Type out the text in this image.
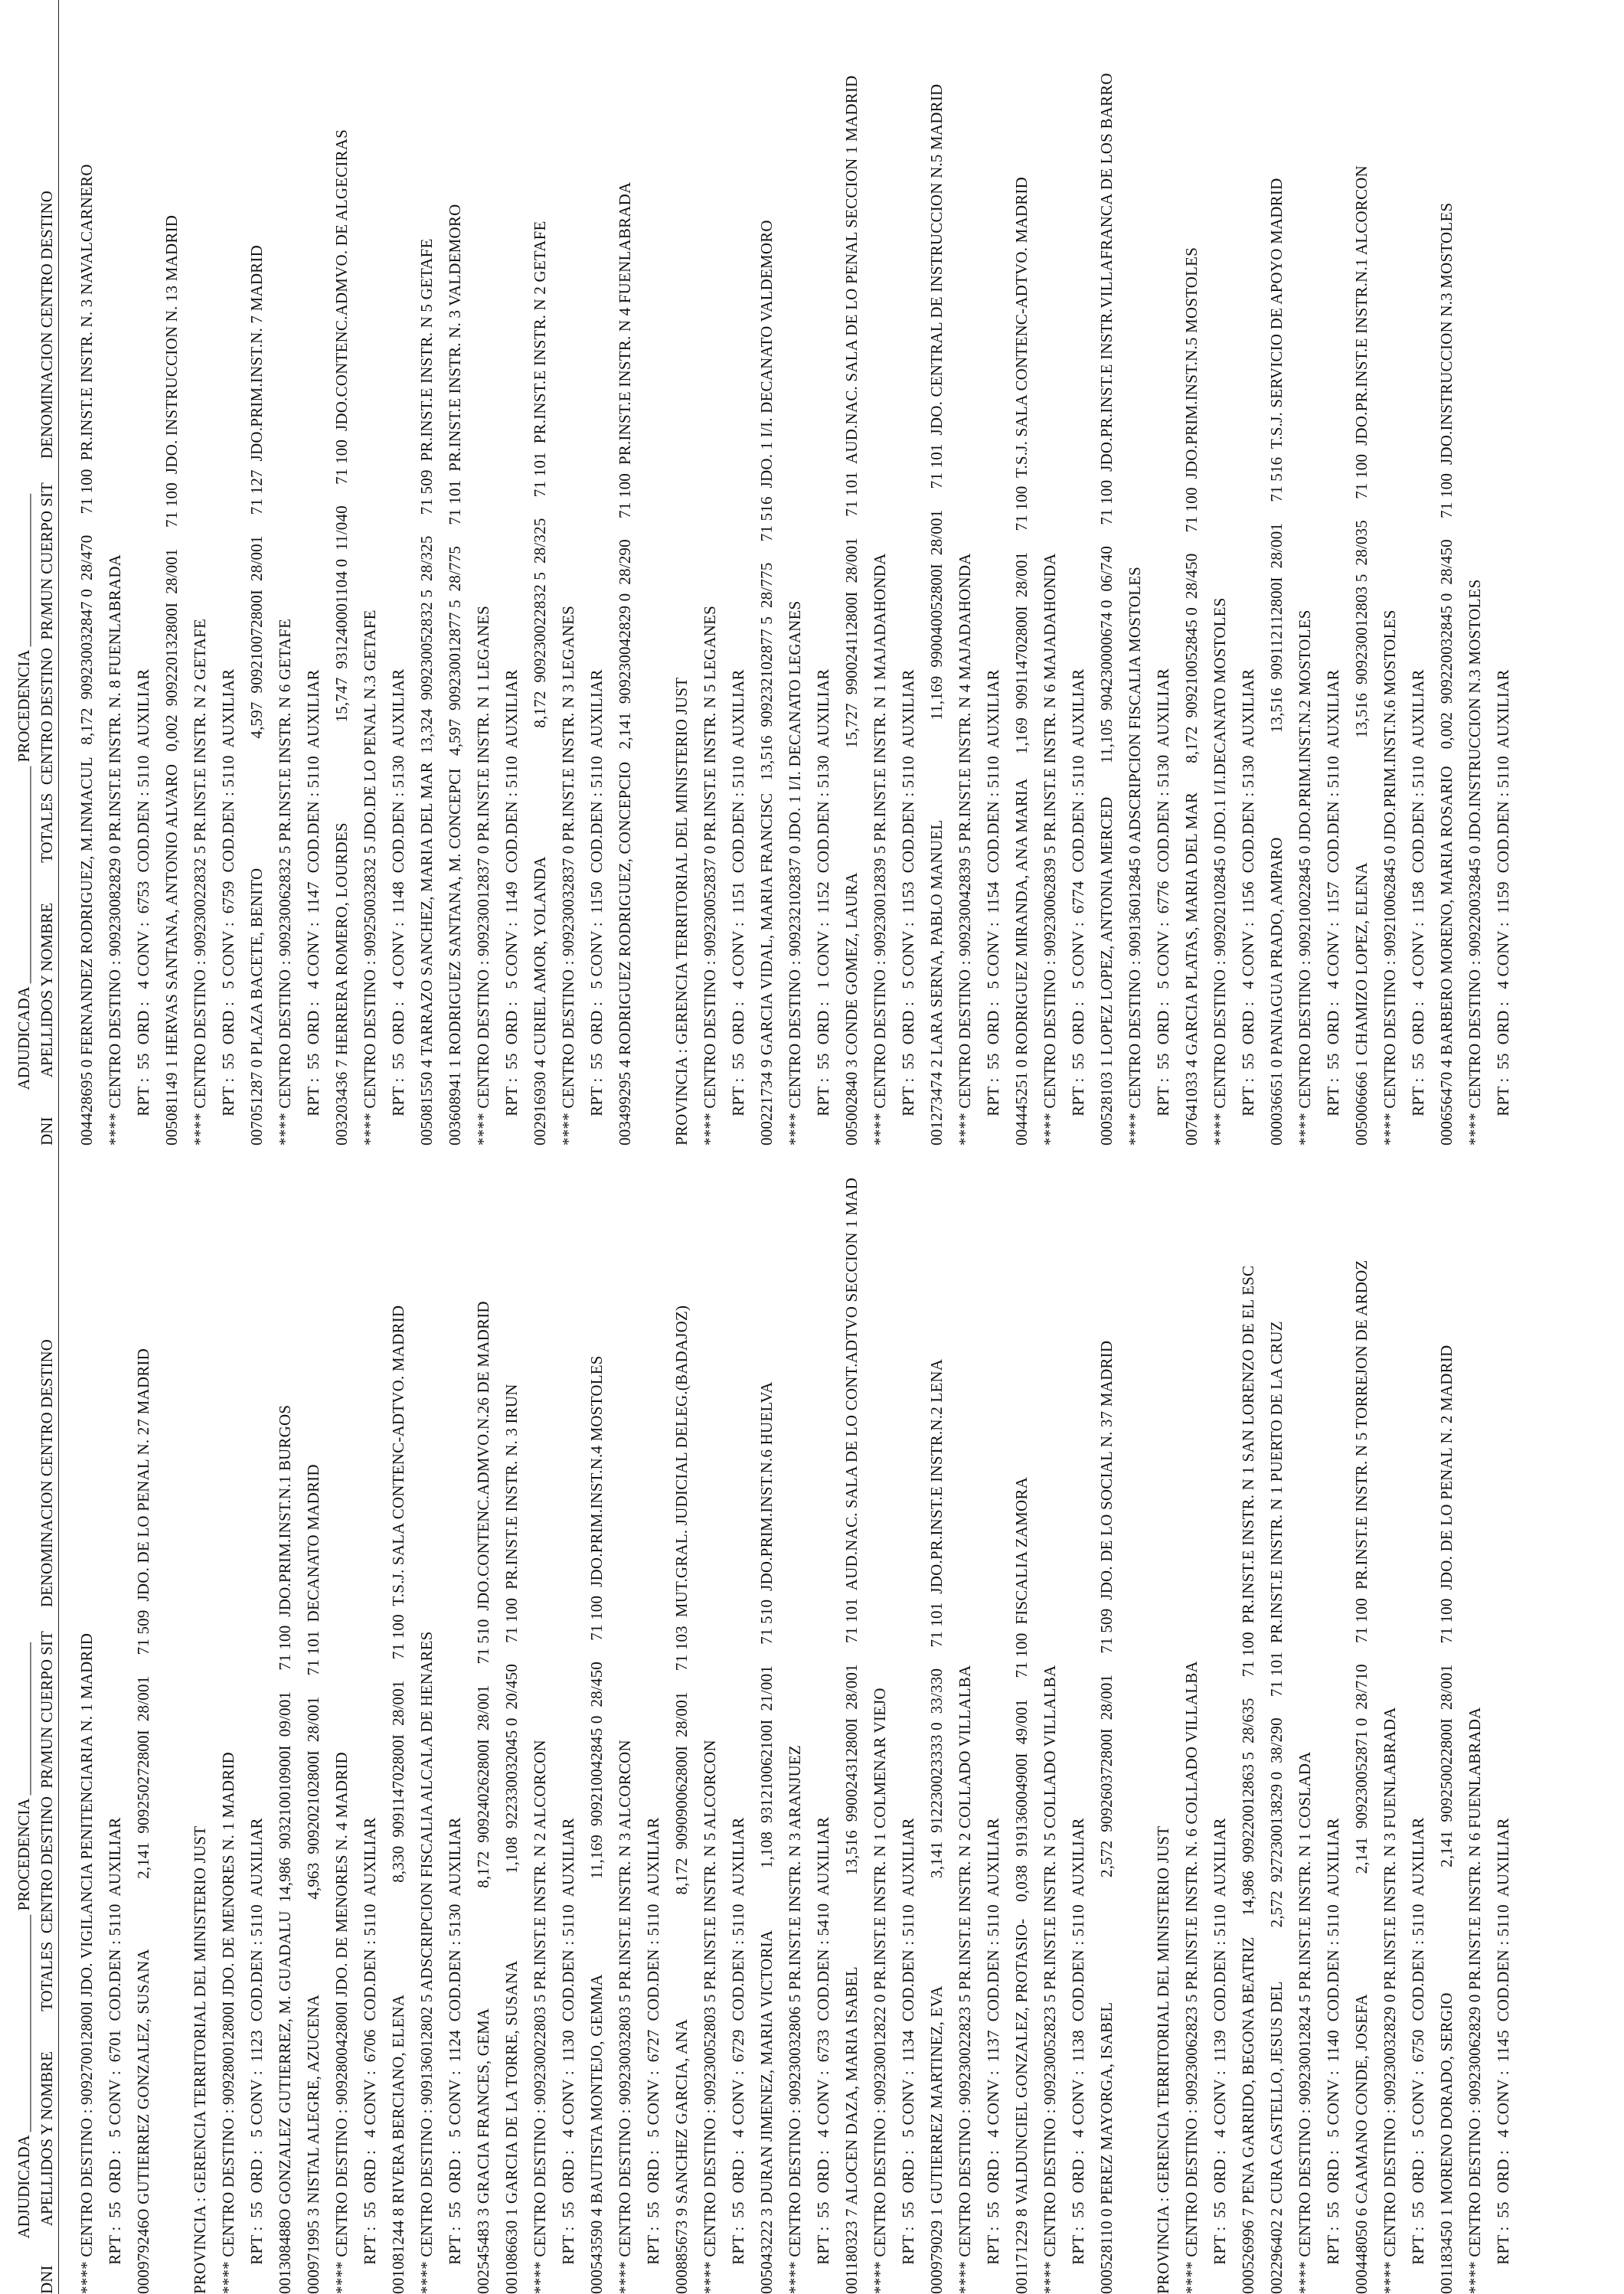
ADJUDICADA ___________________________ PROCEDENCIA ___________________ DNI          APELLIDOS Y NOMBRE          TOTALES  CENTRO DESTINO  PR/MUN CUERPO SIT      DENOMINACION CENTRO DESTINO **** CENTRO DESTINO : 909270012800I JDO. VIGILANCIA PENITENCIARIA N. 1 MADRID RPT :  55  ORD :   5 CONV :  6701  COD.DEN : 5110  AUXILIAR 000979246O GUTIERREZ GONZALEZ, SUSANA                 2,141  909250272800I  28/001     71 509  JDO. DE LO PENAL N. 27 MADRID PROVINCIA : GERENCIA TERRITORIAL DEL MINISTERIO JUST **** CENTRO DESTINO : 909280012800I JDO. DE MENORES N. 1 MADRID RPT :  55  ORD :   5 CONV :  1123  COD.DEN : 5110  AUXILIAR 001308488O GONZALEZ GUTIERREZ, M. GUADALU  14,986  903210010900I  09/001     71 100  JDO.PRIM.INST.N.1 BURGOS 000971995 3 NISTAL ALEGRE, AZUCENA                       4,963  909202102800I  28/001     71 101  DECANATO MADRID **** CENTRO DESTINO : 909280042800I JDO. DE MENORES N. 4 MADRID RPT :  55  ORD :   4 CONV :  6706  COD.DEN : 5110  AUXILIAR 001081244 8 RIVERA BERCIANO, ELENA                           8,330  909114702800I  28/001     71 100  T.S.J. SALA CONTENC-ADTVO. MADRID **** CENTRO DESTINO : 909136012802 5 ADSCRIPCION FISCALIA ALCALA DE HENARES RPT :  55  ORD :   5 CONV :  1124  COD.DEN : 5130  AUXILIAR 002545483 3 GRACIA FRANCES, GEMA                             8,172  909240262800I  28/001     71 510  JDO.CONTENC.ADMVO.N.26 DE MADRID 001086630 1 GARCIA DE LA TORRE, SUSANA                     1,108  922330032045 0  20/450     71 100  PR.INST.E INSTR. N. 3 IRUN **** CENTRO DESTINO : 909230022803 5 PR.INST.E INSTR. N 2 ALCORCON RPT :  55  ORD :   4 CONV :  1130  COD.DEN : 5110  AUXILIAR 000543590 4 BAUTISTA MONTEJO, GEMMA                       11,169  909210042845 0  28/450     71 100  JDO.PRIM.INST.N.4 MOSTOLES **** CENTRO DESTINO : 909230032803 5 PR.INST.E INSTR. N 3 ALCORCON RPT :  55  ORD :   5 CONV :  6727  COD.DEN : 5110  AUXILIAR 000885673 9 SANCHEZ GARCIA, ANA                              8,172  909090062800I  28/001     71 103  MUT.GRAL. JUDICIAL DELEG.(BADAJOZ) **** CENTRO DESTINO : 909230052803 5 PR.INST.E INSTR. N 5 ALCORCON RPT :  55  ORD :   4 CONV :  6729  COD.DEN : 5110  AUXILIAR 005043222 3 DURAN JIMENEZ, MARIA VICTORIA               1,108  931210062100I  21/001     71 510  JDO.PRIM.INST.N.6 HUELVA **** CENTRO DESTINO : 909230032806 5 PR.INST.E INSTR. N 3 ARANJUEZ RPT :  55  ORD :   4 CONV :  6733  COD.DEN : 5410  AUXILIAR 001180323 7 ALOCEN DAZA, MARIA ISABEL                      13,516  990024312800I  28/001     71 101  AUD.NAC. SALA DE LO CONT.ADTVO SECCION 1 MAD **** CENTRO DESTINO : 909230012822 0 PR.INST.E INSTR. N 1 COLMENAR VIEJO RPT :  55  ORD :   5 CONV :  1134  COD.DEN : 5110  AUXILIAR 000979029 1 GUTIERREZ MARTINEZ, EVA                          3,141  912230023333 0  33/330     71 101  JDO.PR.INST.E INSTR.N.2 LENA **** CENTRO DESTINO : 909230022823 5 PR.INST.E INSTR. N 2 COLLADO VILLALBA RPT :  55  ORD :   4 CONV :  1137  COD.DEN : 5110  AUXILIAR 001171229 8 VALDUNCIEL GONZALEZ, PROTASIO-    0,038  919136004900I  49/001     71 100  FISCALIA ZAMORA **** CENTRO DESTINO : 909230052823 5 PR.INST.E INSTR. N 5 COLLADO VILLALBA RPT :  55  ORD :   4 CONV :  1138  COD.DEN : 5110  AUXILIAR 000528110 0 PEREZ MAYORGA, ISABEL                              2,572  909260372800I  28/001     71 509  JDO. DE LO SOCIAL N. 37 MADRID PROVINCIA : GERENCIA TERRITORIAL DEL MINISTERIO JUST **** CENTRO DESTINO : 909230062823 5 PR.INST.E INSTR. N. 6 COLLADO VILLALBA RPT :  55  ORD :   4 CONV :  1139  COD.DEN : 5110  AUXILIAR 000526996 7 PENA GARRIDO, BEGONA BEATRIZ     14,986  909220012863 5  28/635     71 100  PR.INST.E INSTR. N 1 SAN LORENZO DE EL ESC 002296402 2 CURA CASTELLO, JESUS DEL             2,572  927230013829 0  38/290     71 101  PR.INST.E INSTR. N 1 PUERTO DE LA CRUZ **** CENTRO DESTINO : 909230012824 5 PR.INST.E INSTR. N 1 COSLADA RPT :  55  ORD :   5 CONV :  1140  COD.DEN : 5110  AUXILIAR 000448050 6 CAAMANO CONDE, JOSEFA                             2,141  909230052871 0  28/710     71 100  PR.INST.E INSTR. N 5 TORREJON DE ARDOZ **** CENTRO DESTINO : 909230032829 0 PR.INST.E INSTR. N 3 FUENLABRADA RPT :  55  ORD :   5 CONV :  6750  COD.DEN : 5110  AUXILIAR 001183450 1 MORENO DORADO, SERGIO                              2,141  909250022800I  28/001     71 100  JDO. DE LO PENAL N. 2 MADRID **** CENTRO DESTINO : 909230062829 0 PR.INST.E INSTR. N 6 FUENLABRADA RPT :  55  ORD :   4 CONV :  1145  COD.DEN : 5110  AUXILIAR
ADJUDICADA ___________________________ PROCEDENCIA ___________________ DNI          APELLIDOS Y NOMBRE          TOTALES  CENTRO DESTINO  PR/MUN CUERPO SIT      DENOMINACION CENTRO DESTINO 004428695 0 FERNANDEZ RODRIGUEZ, M.INMACUL   8,172  909230032847 0  28/470     71 100  PR.INST.E INSTR. N. 3 NAVALCARNERO **** CENTRO DESTINO : 909230082829 0 PR.INST.E INSTR. N. 8 FUENLABRADA RPT :  55  ORD :   4 CONV :  6753  COD.DEN : 5110  AUXILIAR 005081149 1 HERVAS SANTANA, ANTONIO ALVARO   0,002  909220132800I  28/001     71 100  JDO. INSTRUCCION N. 13 MADRID **** CENTRO DESTINO : 909230022832 5 PR.INST.E INSTR. N 2 GETAFE RPT :  55  ORD :   5 CONV :  6759  COD.DEN : 5110  AUXILIAR 007051287 0 PLAZA BACETE, BENITO                               4,597  909210072800I  28/001     71 127  JDO.PRIM.INST.N. 7 MADRID **** CENTRO DESTINO : 909230062832 5 PR.INST.E INSTR. N 6 GETAFE RPT :  55  ORD :   4 CONV :  1147  COD.DEN : 5110  AUXILIAR 003203436 7 HERRERA ROMERO, LOURDES                        15,747  931240001104 0  11/040     71 100  JDO.CONTENC.ADMVO. DE ALGECIRAS **** CENTRO DESTINO : 909250032832 5 JDO.DE LO PENAL N.3 GETAFE RPT :  55  ORD :   4 CONV :  1148  COD.DEN : 5130  AUXILIAR 005081550 4 TARRAZO SANCHEZ, MARIA DEL MAR  13,324  909230052832 5  28/325     71 509  PR.INST.E INSTR. N 5 GETAFE 003608941 1 RODRIGUEZ SANTANA, M. CONCEPCI   4,597  909230012877 5  28/775     71 101  PR.INST.E INSTR. N. 3 VALDEMORO **** CENTRO DESTINO : 909230012837 0 PR.INST.E INSTR. N 1 LEGANES RPT :  55  ORD :   5 CONV :  1149  COD.DEN : 5110  AUXILIAR 002916930 4 CURIEL AMOR, YOLANDA                               8,172  909230022832 5  28/325     71 101  PR.INST.E INSTR. N 2 GETAFE **** CENTRO DESTINO : 909230032837 0 PR.INST.E INSTR. N 3 LEGANES RPT :  55  ORD :   5 CONV :  1150  COD.DEN : 5110  AUXILIAR 003499295 4 RODRIGUEZ RODRIGUEZ, CONCEPCIO   2,141  909230042829 0  28/290     71 100  PR.INST.E INSTR. N 4 FUENLABRADA PROVINCIA : GERENCIA TERRITORIAL DEL MINISTERIO JUST **** CENTRO DESTINO : 909230052837 0 PR.INST.E INSTR. N 5 LEGANES RPT :  55  ORD :   4 CONV :  1151  COD.DEN : 5110  AUXILIAR 000221734 9 GARCIA VIDAL, MARIA FRANCISC   13,516  909232102877 5  28/775     71 516  JDO. 1 I/I. DECANATO VALDEMORO **** CENTRO DESTINO : 909232102837 0 JDO. 1 I/I. DECANATO LEGANES RPT :  55  ORD :   1 CONV :  1152  COD.DEN : 5130  AUXILIAR 005002840 3 CONDE GOMEZ, LAURA                              15,727  990024112800I  28/001     71 101  AUD.NAC. SALA DE LO PENAL SECCION 1 MADRID **** CENTRO DESTINO : 909230012839 5 PR.INST.E INSTR. N 1 MAJADAHONDA RPT :  55  ORD :   5 CONV :  1153  COD.DEN : 5110  AUXILIAR 001273474 2 LARA SERNA, PABLO MANUEL                        11,169  990040052800I  28/001     71 101  JDO. CENTRAL DE INSTRUCCION N.5 MADRID **** CENTRO DESTINO : 909230042839 5 PR.INST.E INSTR. N 4 MAJADAHONDA RPT :  55  ORD :   5 CONV :  1154  COD.DEN : 5110  AUXILIAR 004445251 0 RODRIGUEZ MIRANDA, ANA MARIA      1,169  909114702800I  28/001     71 100  T.S.J. SALA CONTENC-ADTVO. MADRID **** CENTRO DESTINO : 909230062839 5 PR.INST.E INSTR. N 6 MAJADAHONDA RPT :  55  ORD :   5 CONV :  6774  COD.DEN : 5110  AUXILIAR 000528103 1 LOPEZ LOPEZ, ANTONIA MERCED        11,105  904230000674 0  06/740     71 100  JDO.PR.INST.E INSTR.VILLAFRANCA DE LOS BARRO **** CENTRO DESTINO : 909136012845 0 ADSCRIPCION FISCALIA MOSTOLES RPT :  55  ORD :   5 CONV :  6776  COD.DEN : 5130  AUXILIAR 007641033 4 GARCIA PLATAS, MARIA DEL MAR       8,172  909210052845 0  28/450     71 100  JDO.PRIM.INST.N.5 MOSTOLES **** CENTRO DESTINO : 909202102845 0 JDO.1 I/I.DECANATO MOSTOLES RPT :  55  ORD :   4 CONV :  1156  COD.DEN : 5130  AUXILIAR 000036651 0 PANIAGUA PRADO, AMPARO                         13,516  909112112800I  28/001     71 516  T.S.J. SERVICIO DE APOYO MADRID **** CENTRO DESTINO : 909210022845 0 JDO.PRIM.INST.N.2 MOSTOLES RPT :  55  ORD :   4 CONV :  1157  COD.DEN : 5110  AUXILIAR 005006666 1 CHAMIZO LOPEZ, ELENA                              13,516  909230012803 5  28/035     71 100  JDO.PR.INST.E INSTR.N.1 ALCORCON **** CENTRO DESTINO : 909210062845 0 JDO.PRIM.INST.N.6 MOSTOLES RPT :  55  ORD :   4 CONV :  1158  COD.DEN : 5110  AUXILIAR 000656470 4 BARBERO MORENO, MARIA ROSARIO    0,002  909220032845 0  28/450     71 100  JDO.INSTRUCCION N.3 MOSTOLES **** CENTRO DESTINO : 909220032845 0 JDO.INSTRUCCION N.3 MOSTOLES RPT :  55  ORD :   4 CONV :  1159  COD.DEN : 5110  AUXILIAR
